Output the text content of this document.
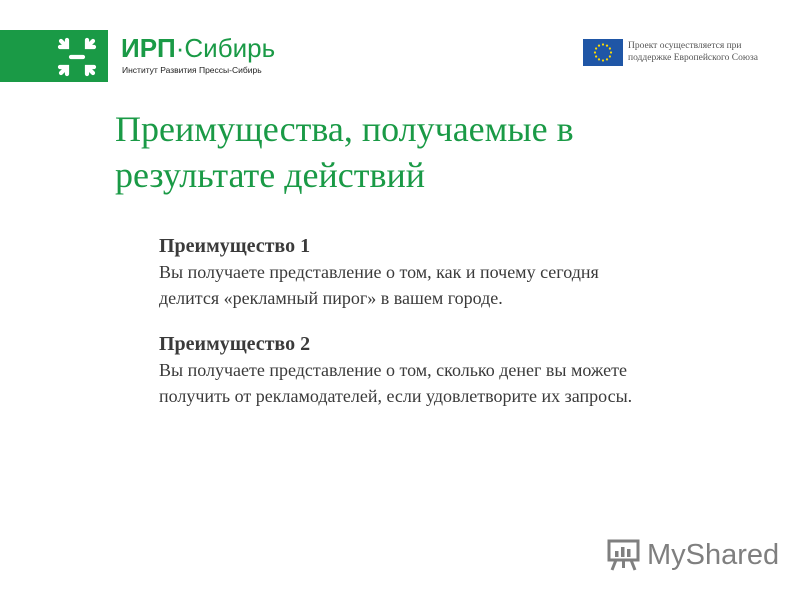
ИРП·Сибирь
Институт Развития Прессы-Сибирь
Проект осуществляется при
поддержке Европейского Союза
Преимущества, получаемые в
результате действий

Преимущество 1

Вы получаете представление о том, как и почему сегодня
делится «рекламный пирог» в вашем городе.

Преимущество 2

Вы получаете представление о том, сколько денег вы можете
получить от рекламодателей, если удовлетворите их запросы.

MyShared
